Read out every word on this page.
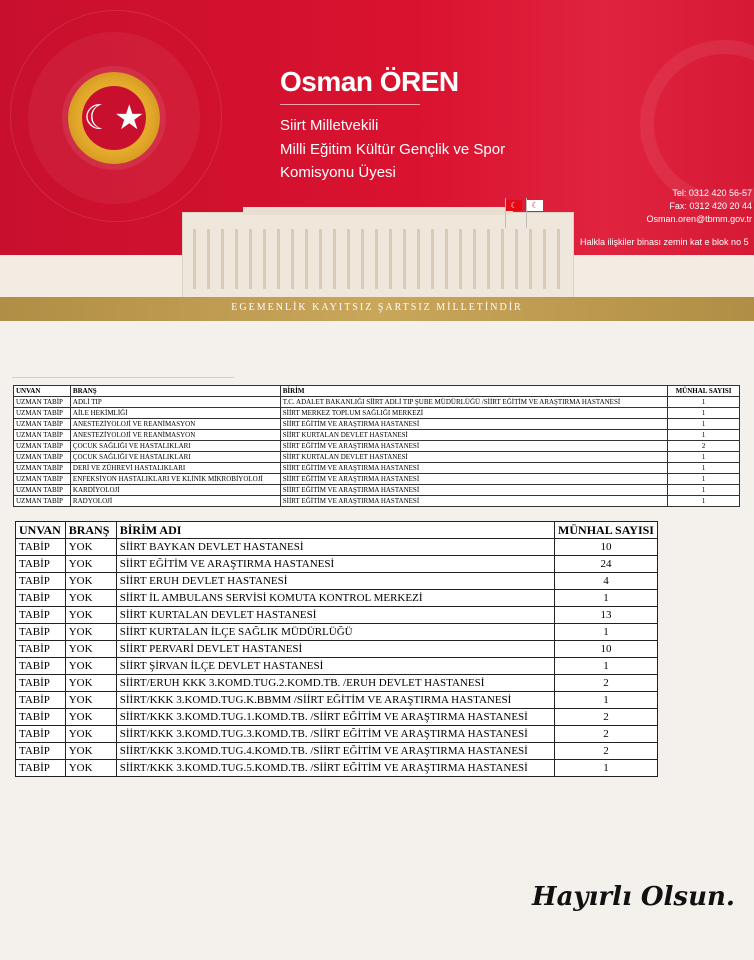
☾★
Osman ÖREN
Siirt Milletvekili
Milli Eğitim Kültür Gençlik ve Spor
Komisyonu Üyesi
Tel: 0312 420 56-57
Fax: 0312 420 20 44
Osman.oren@tbmm.gov.tr
Halkla ilişkiler binası zemin kat e blok no 5
☾	☾
EGEMENLİK KAYITSIZ ŞARTSIZ MİLLETİNDİR
UNVAN	BRANŞ	BİRİM	MÜNHAL SAYISI
UZMAN TABİP	ADLİ TIP	T.C. ADALET BAKANLIĞI SİİRT ADLİ TIP ŞUBE MÜDÜRLÜĞÜ /SİİRT EĞİTİM VE ARAŞTIRMA HASTANESİ	1
UZMAN TABİP	AİLE HEKİMLİĞİ	SİİRT MERKEZ TOPLUM SAĞLIĞI MERKEZİ	1
UZMAN TABİP	ANESTEZİYOLOJİ VE REANİMASYON	SİİRT EĞİTİM VE ARAŞTIRMA HASTANESİ	1
UZMAN TABİP	ANESTEZİYOLOJİ VE REANİMASYON	SİİRT KURTALAN DEVLET HASTANESİ	1
UZMAN TABİP	ÇOCUK SAĞLIĞI VE HASTALIKLARI	SİİRT EĞİTİM VE ARAŞTIRMA HASTANESİ	2
UZMAN TABİP	ÇOCUK SAĞLIĞI VE HASTALIKLARI	SİİRT KURTALAN DEVLET HASTANESİ	1
UZMAN TABİP	DERİ VE ZÜHREVİ HASTALIKLARI	SİİRT EĞİTİM VE ARAŞTIRMA HASTANESİ	1
UZMAN TABİP	ENFEKSİYON HASTALIKLARI VE KLİNİK MİKROBİYOLOJİ	SİİRT EĞİTİM VE ARAŞTIRMA HASTANESİ	1
UZMAN TABİP	KARDİYOLOJİ	SİİRT EĞİTİM VE ARAŞTIRMA HASTANESİ	1
UZMAN TABİP	RADYOLOJİ	SİİRT EĞİTİM VE ARAŞTIRMA HASTANESİ	1
UNVAN	BRANŞ	BİRİM ADI	MÜNHAL SAYISI
TABİP	YOK	SİİRT BAYKAN DEVLET HASTANESİ	10
TABİP	YOK	SİİRT EĞİTİM VE ARAŞTIRMA HASTANESİ	24
TABİP	YOK	SİİRT ERUH DEVLET HASTANESİ	4
TABİP	YOK	SİİRT İL AMBULANS SERVİSİ KOMUTA KONTROL MERKEZİ	1
TABİP	YOK	SİİRT KURTALAN DEVLET HASTANESİ	13
TABİP	YOK	SİİRT KURTALAN İLÇE SAĞLIK MÜDÜRLÜĞÜ	1
TABİP	YOK	SİİRT PERVARİ DEVLET HASTANESİ	10
TABİP	YOK	SİİRT ŞİRVAN İLÇE DEVLET HASTANESİ	1
TABİP	YOK	SİİRT/ERUH KKK 3.KOMD.TUG.2.KOMD.TB. /ERUH DEVLET HASTANESİ	2
TABİP	YOK	SİİRT/KKK 3.KOMD.TUG.K.BBMM /SİİRT EĞİTİM VE ARAŞTIRMA HASTANESİ	1
TABİP	YOK	SİİRT/KKK 3.KOMD.TUG.1.KOMD.TB. /SİİRT EĞİTİM VE ARAŞTIRMA HASTANESİ	2
TABİP	YOK	SİİRT/KKK 3.KOMD.TUG.3.KOMD.TB. /SİİRT EĞİTİM VE ARAŞTIRMA HASTANESİ	2
TABİP	YOK	SİİRT/KKK 3.KOMD.TUG.4.KOMD.TB. /SİİRT EĞİTİM VE ARAŞTIRMA HASTANESİ	2
TABİP	YOK	SİİRT/KKK 3.KOMD.TUG.5.KOMD.TB. /SİİRT EĞİTİM VE ARAŞTIRMA HASTANESİ	1
Hayırlı Olsun.
